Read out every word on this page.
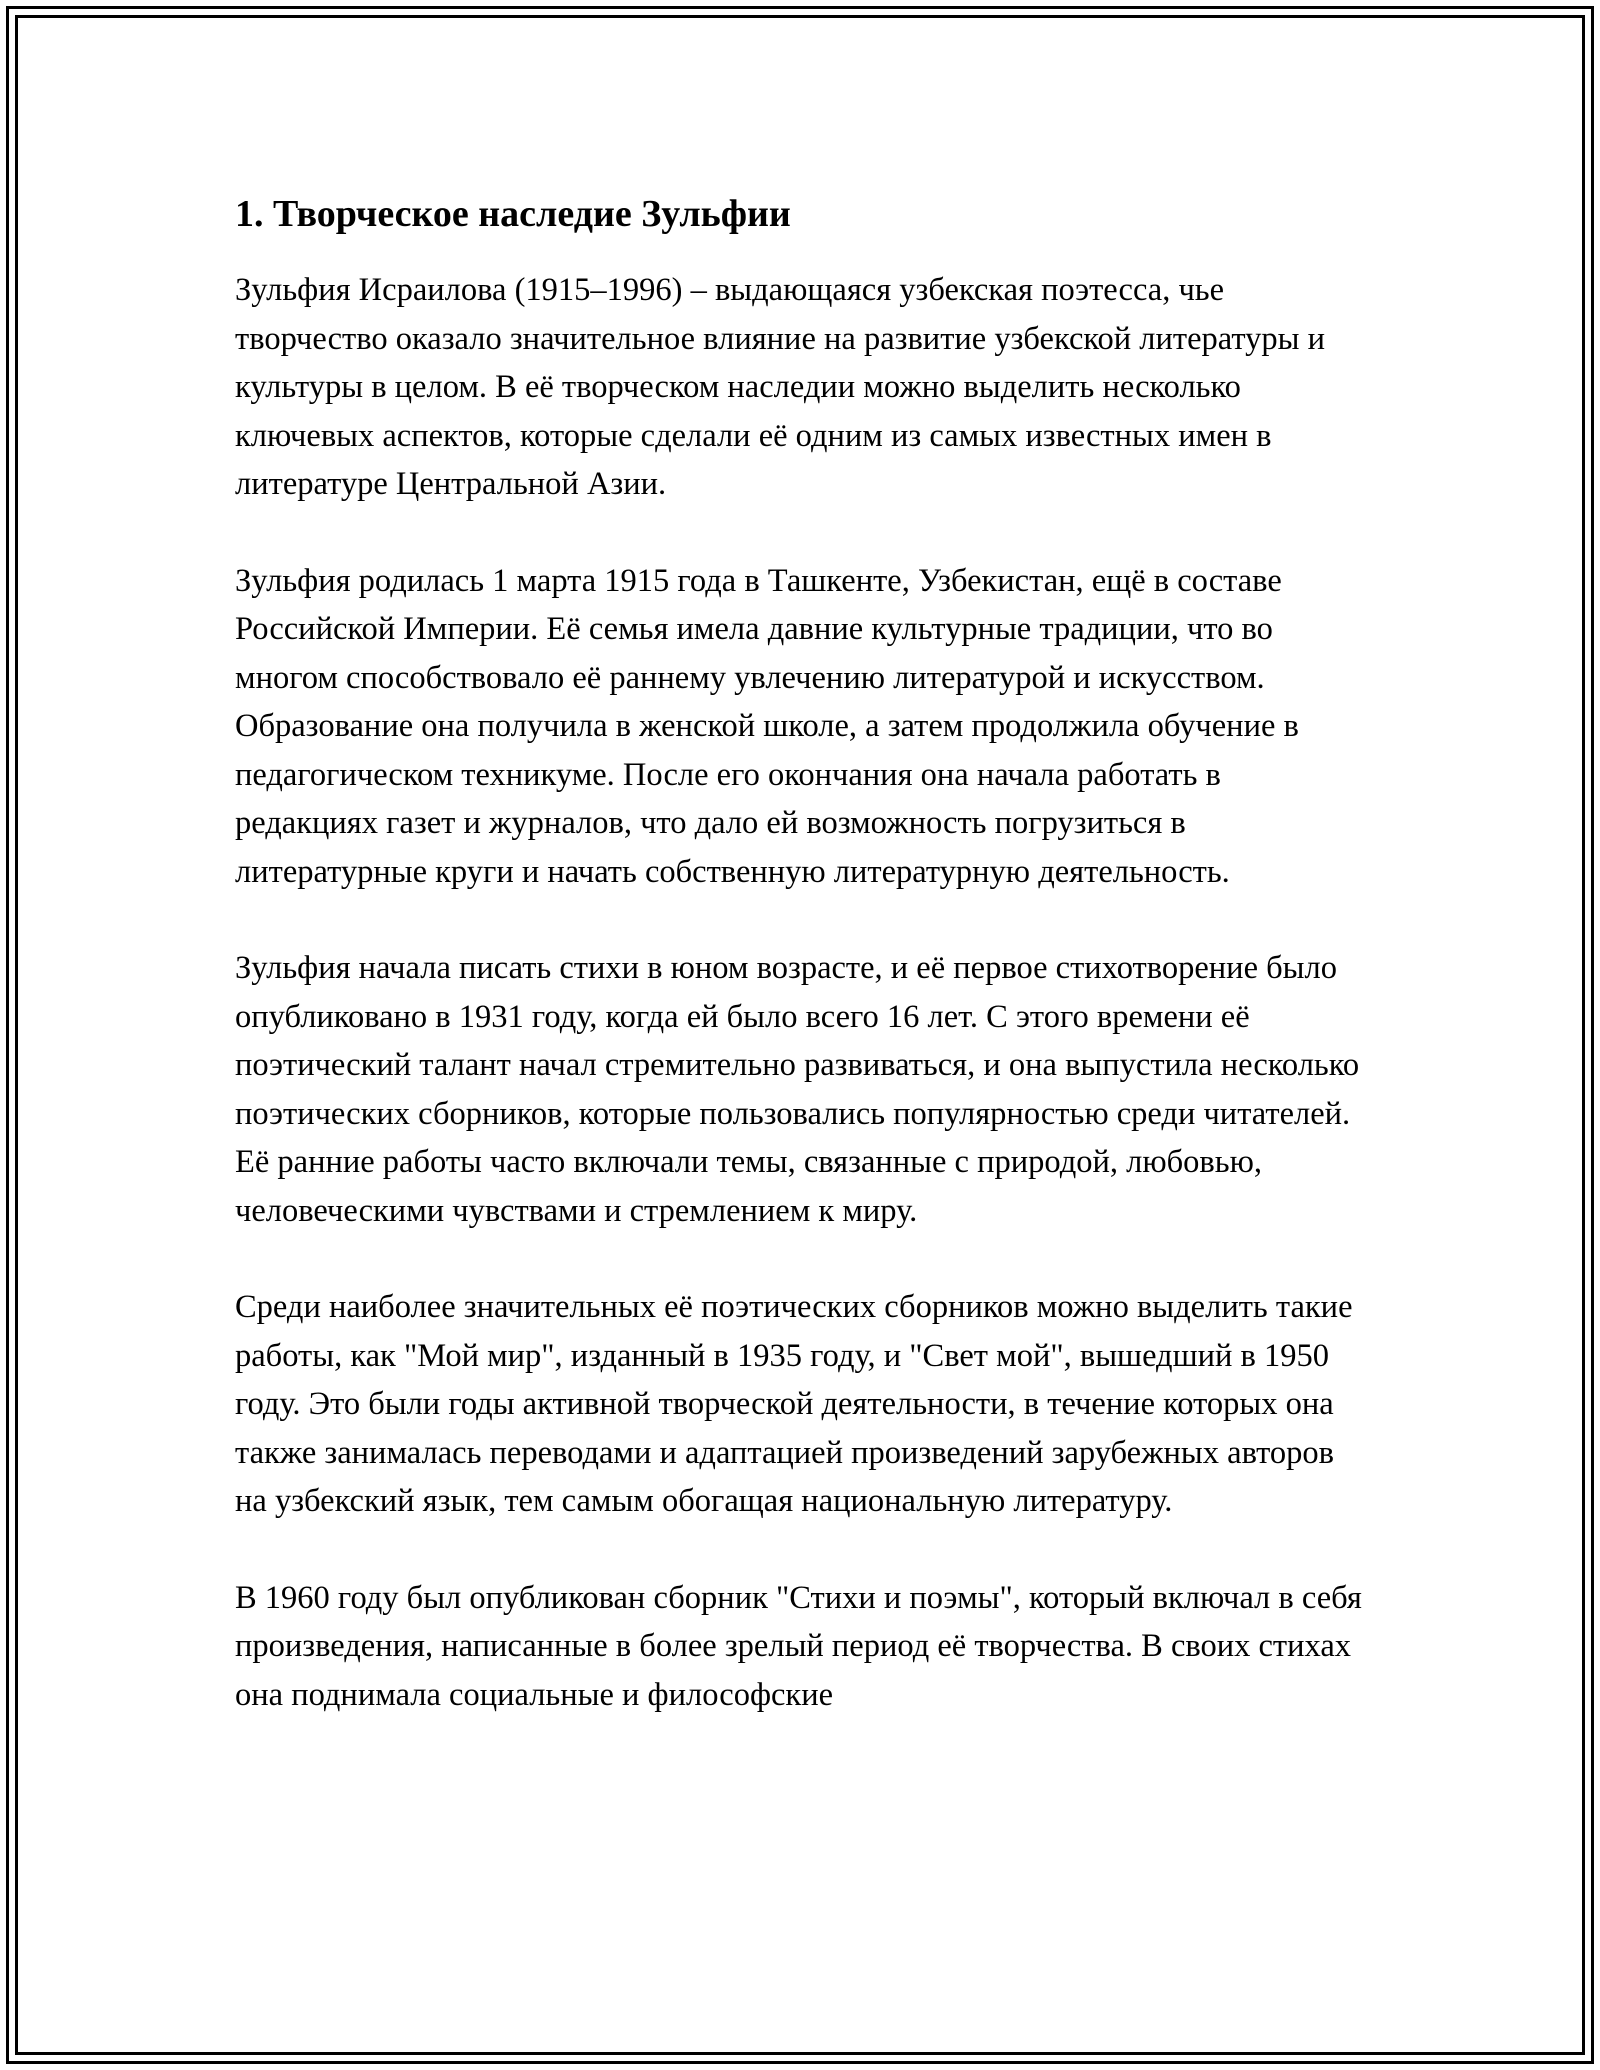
1. Творческое наследие Зульфии

Зульфия Исраилова (1915–1996) – выдающаяся узбекская поэтесса, чье творчество оказало значительное влияние на развитие узбекской литературы и культуры в целом. В её творческом наследии можно выделить несколько ключевых аспектов, которые сделали её одним из самых известных имен в литературе Центральной Азии.

Зульфия родилась 1 марта 1915 года в Ташкенте, Узбекистан, ещё в составе Российской Империи. Её семья имела давние культурные традиции, что во многом способствовало её раннему увлечению литературой и искусством. Образование она получила в женской школе, а затем продолжила обучение в педагогическом техникуме. После его окончания она начала работать в редакциях газет и журналов, что дало ей возможность погрузиться в литературные круги и начать собственную литературную деятельность.

Зульфия начала писать стихи в юном возрасте, и её первое стихотворение было опубликовано в 1931 году, когда ей было всего 16 лет. С этого времени её поэтический талант начал стремительно развиваться, и она выпустила несколько поэтических сборников, которые пользовались популярностью среди читателей. Её ранние работы часто включали темы, связанные с природой, любовью, человеческими чувствами и стремлением к миру.

Среди наиболее значительных её поэтических сборников можно выделить такие работы, как "Мой мир", изданный в 1935 году, и "Свет мой", вышедший в 1950 году. Это были годы активной творческой деятельности, в течение которых она также занималась переводами и адаптацией произведений зарубежных авторов на узбекский язык, тем самым обогащая национальную литературу.

В 1960 году был опубликован сборник "Стихи и поэмы", который включал в себя произведения, написанные в более зрелый период её творчества. В своих стихах она поднимала социальные и философские
